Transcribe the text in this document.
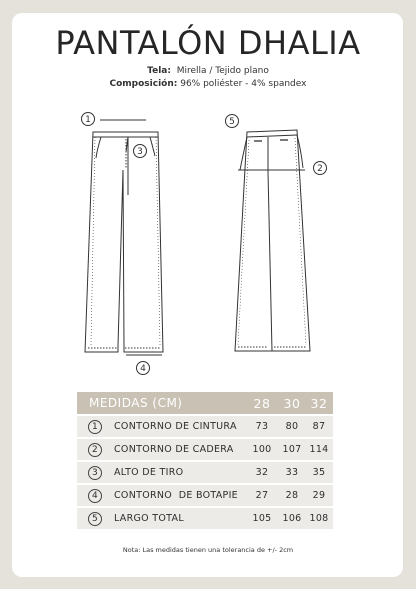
PANTALÓN DHALIA
Tela: Mirella / Tejido plano
Composición: 96% poliéster - 4% spandex
1
3
4
5
2
MEDIDAS (CM)	28	30 32
1	CONTORNO DE CINTURA	73	80	87
2	CONTORNO DE CADERA	100	107 114
3	ALTO DE TIRO	32	33	35
4	CONTORNO  DE BOTAPIE	27	28	29
5	LARGO TOTAL	105	106 108
Nota: Las medidas tienen una tolerancia de +/- 2cm
